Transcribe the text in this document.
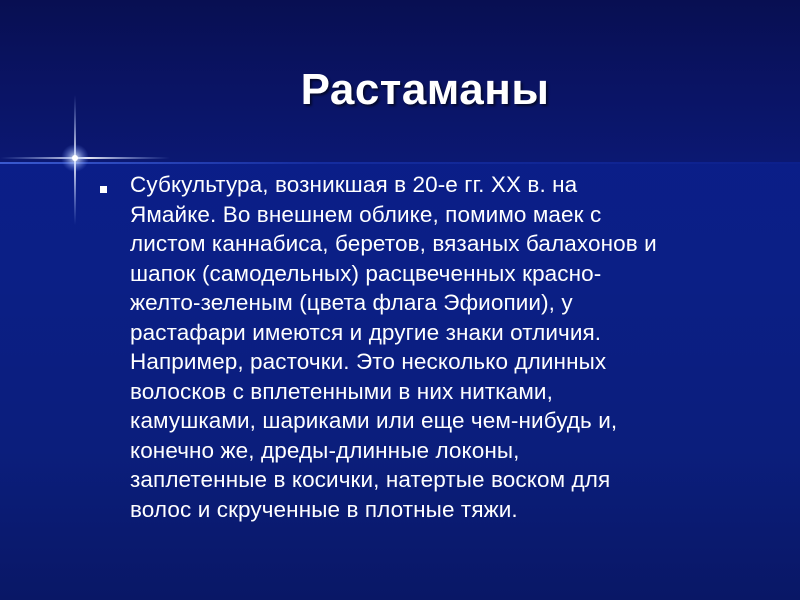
Растаманы
Субкультура, возникшая в 20-е гг. XX в. на
Ямайке. Во внешнем облике, помимо маек с
листом каннабиса, беретов, вязаных балахонов и
шапок (самодельных) расцвеченных красно-
желто-зеленым (цвета флага Эфиопии), у
растафари имеются и другие знаки отличия.
Например, расточки. Это несколько длинных
волосков с вплетенными в них нитками,
камушками, шариками или еще чем-нибудь и,
конечно же, дреды-длинные локоны,
заплетенные в косички, натертые воском для
волос и скрученные в плотные тяжи.
